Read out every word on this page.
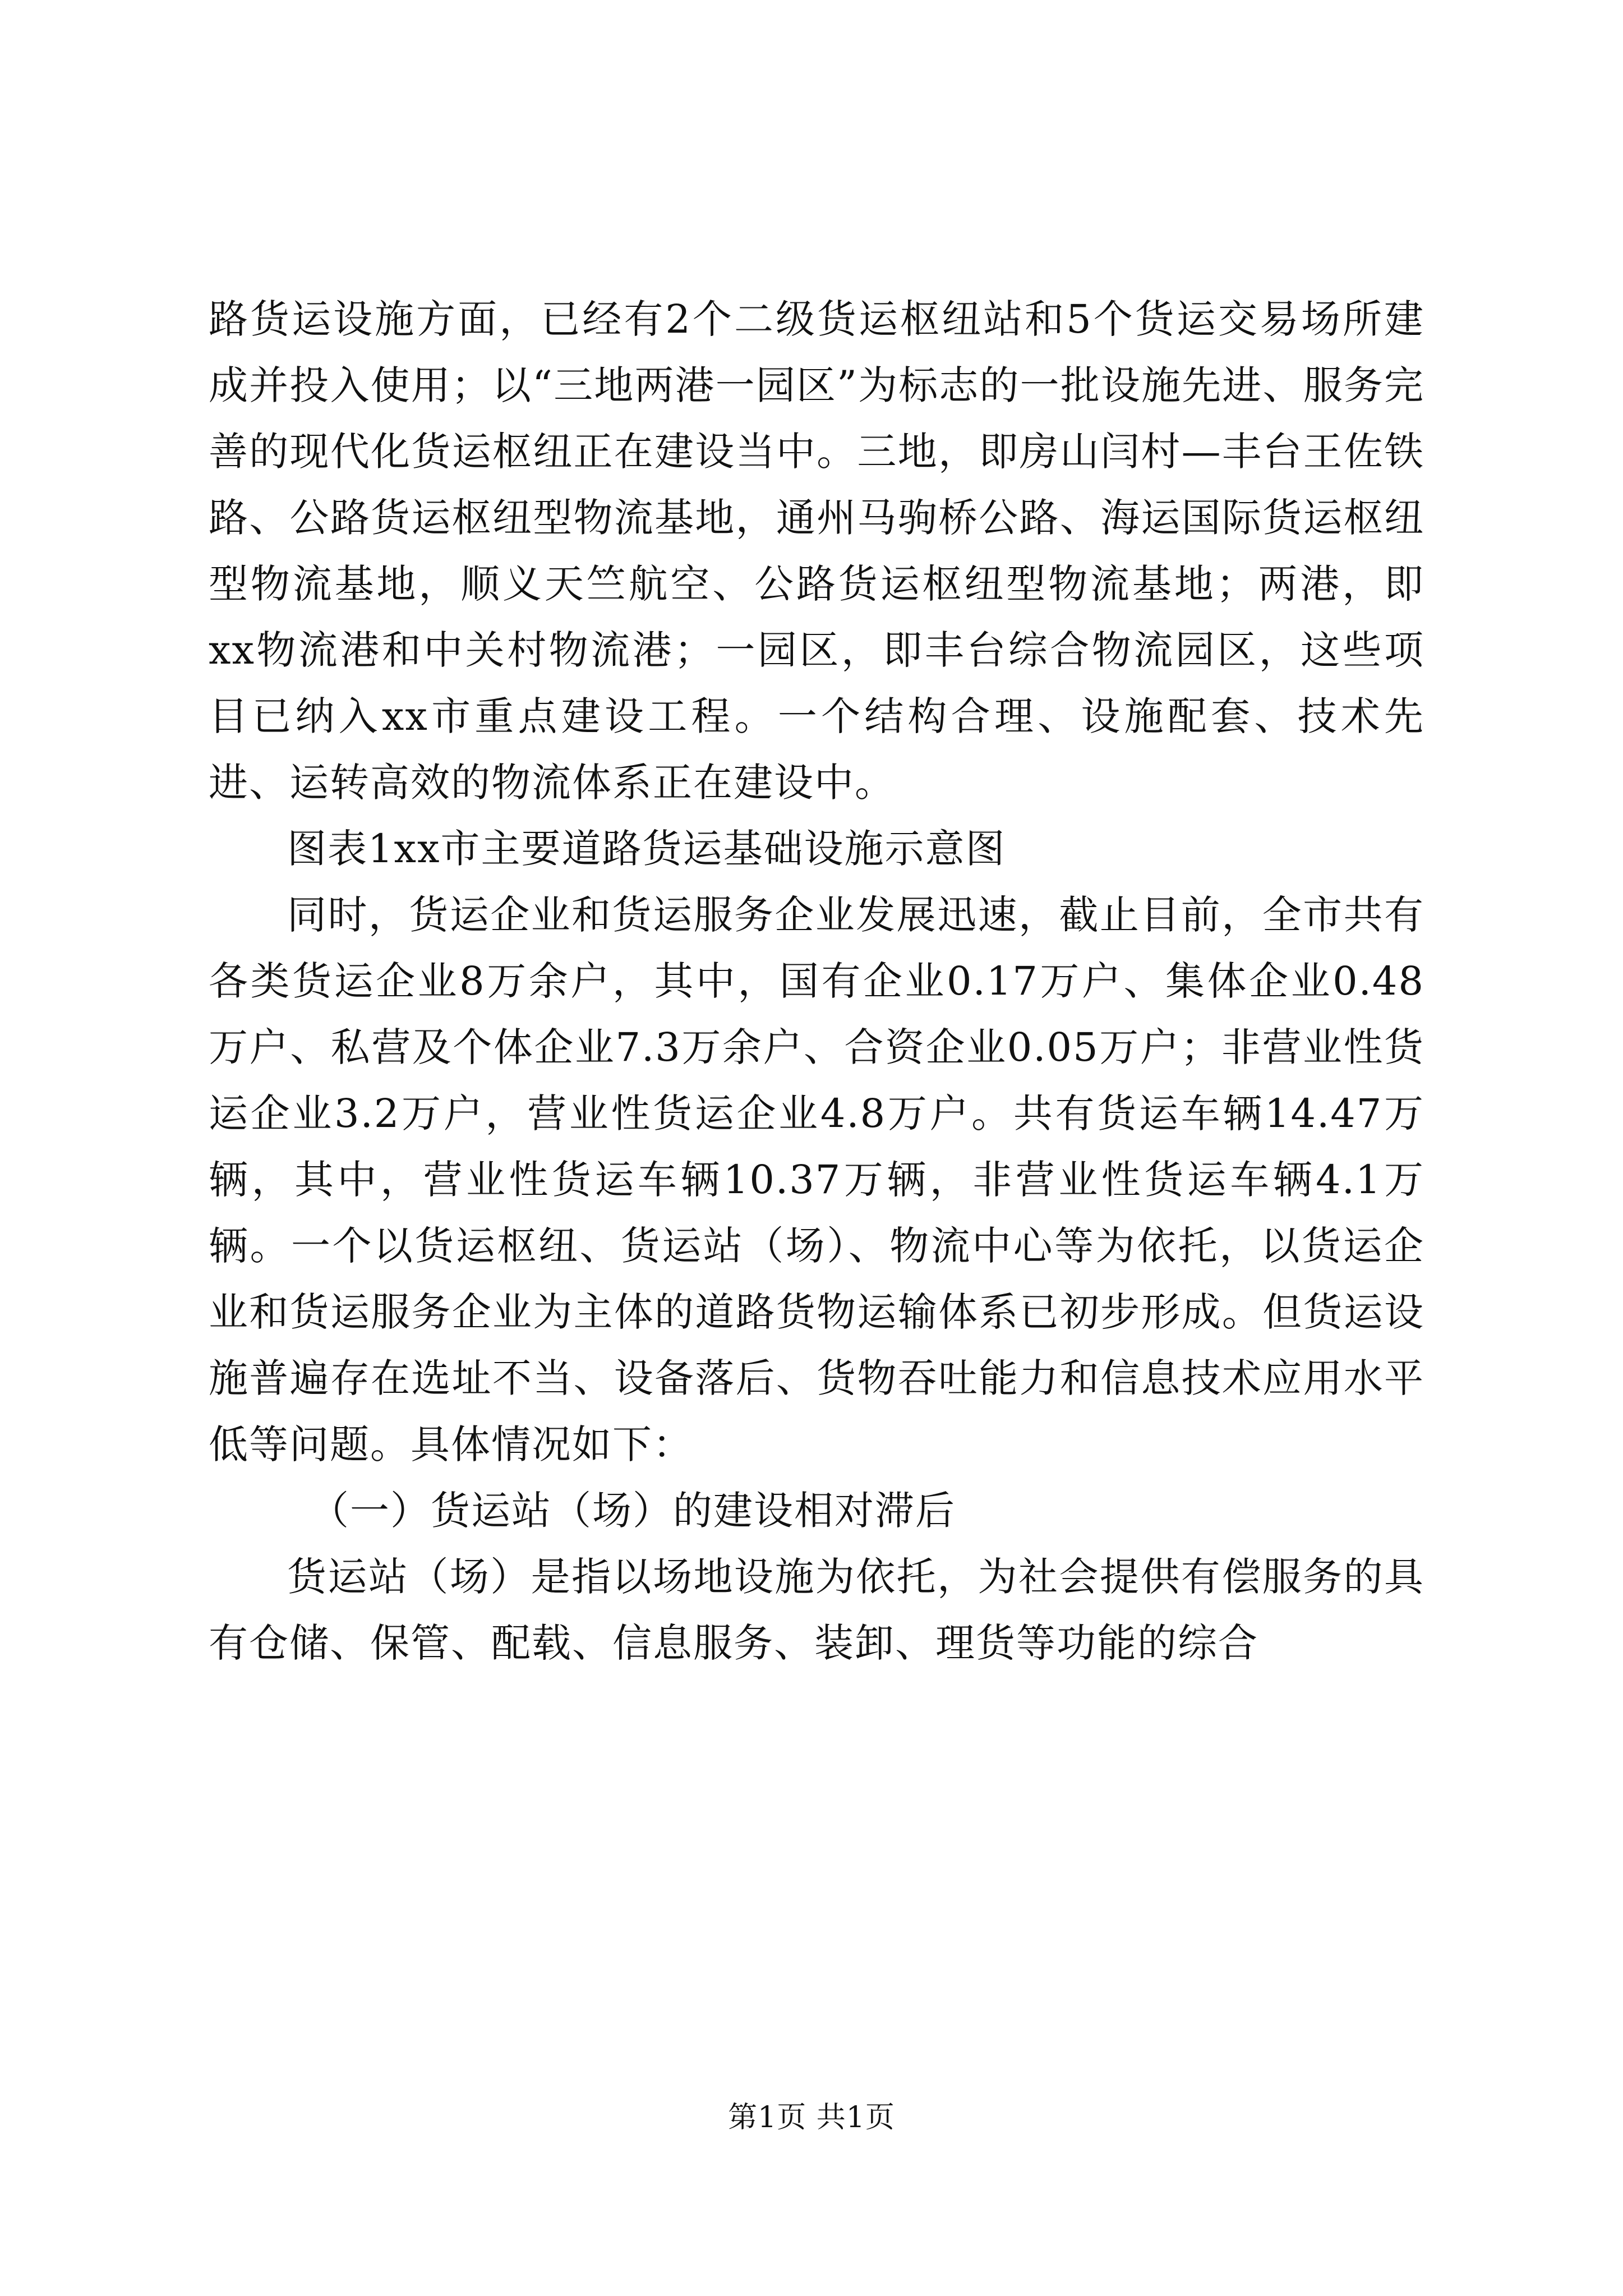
路货运设施方面，已经有2个二级货运枢纽站和5个货运交易场所建成并投入使用；以“三地两港一园区”为标志的一批设施先进、服务完善的现代化货运枢纽正在建设当中。三地，即房山闫村—丰台王佐铁路、公路货运枢纽型物流基地，通州马驹桥公路、海运国际货运枢纽型物流基地，顺义天竺航空、公路货运枢纽型物流基地；两港，即xx物流港和中关村物流港；一园区，即丰台综合物流园区，这些项目已纳入xx市重点建设工程。一个结构合理、设施配套、技术先进、运转高效的物流体系正在建设中。

图表1xx市主要道路货运基础设施示意图

同时，货运企业和货运服务企业发展迅速，截止目前，全市共有各类货运企业8万余户，其中，国有企业0.17万户、集体企业0.48万户、私营及个体企业7.3万余户、合资企业0.05万户；非营业性货运企业3.2万户，营业性货运企业4.8万户。共有货运车辆14.47万辆，其中，营业性货运车辆10.37万辆，非营业性货运车辆4.1万辆。一个以货运枢纽、货运站（场）、物流中心等为依托，以货运企业和货运服务企业为主体的道路货物运输体系已初步形成。但货运设施普遍存在选址不当、设备落后、货物吞吐能力和信息技术应用水平低等问题。具体情况如下：

（一）货运站（场）的建设相对滞后

货运站（场）是指以场地设施为依托，为社会提供有偿服务的具有仓储、保管、配载、信息服务、装卸、理货等功能的综合

第1页 共1页
